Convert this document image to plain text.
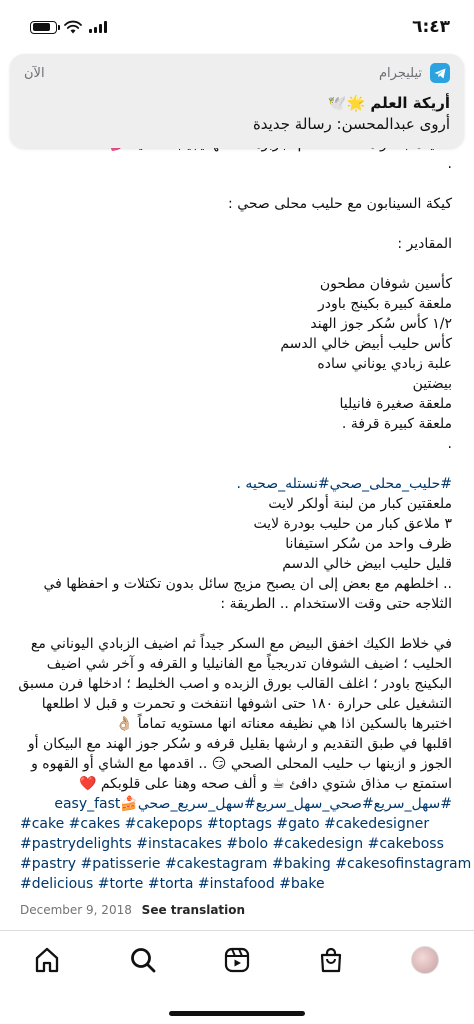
٦:٤٣
تيليجرام
الآن
أريكة العلم 🌟🕊️
أروى عبدالمحسن: رسالة جديدة
.
كيكة السينابون مع حليب محلى صحي :
المقادير :
كأسين شوفان مطحون
ملعقة كبيرة بكينج باودر
١/٢ كأس سُكر جوز الهند
كأس حليب أبيض خالي الدسم
علبة زبادي يوناني ساده
بيضتين
ملعقة صغيرة فانيليا
ملعقة كبيرة قرفة .
.
#حليب_محلى_صحي#نستله_صحيه .
ملعقتين كبار من لبنة أولكر لايت
٣ ملاعق كبار من حليب بودرة لايت
ظرف واحد من سُكر استيفانا
قليل حليب ابيض خالي الدسم
.. اخلطهم مع بعض إلى ان يصبح مزيج سائل بدون تكتلات و احفظها في
الثلاجه حتى وقت الاستخدام .. الطريقة :
في خلاط الكيك اخفق البيض مع السكر جيداً ثم اضيف الزبادي اليوناني مع
الحليب ؛ اضيف الشوفان تدريجياً مع الفانيليا و القرفه و آخر شي اضيف
البكينج باودر ؛ اغلف القالب بورق الزبده و اصب الخليط ؛ ادخلها فرن مسبق
التشغيل على حرارة ١٨٠ حتى اشوفها انتفخت و تحمرت و قبل لا اطلعها
اختبرها بالسكين اذا هي نظيفه معناته انها مستويه تماماً 👌🏼
اقلبها في طبق التقديم و ارشها بقليل قرفه و سُكر جوز الهند مع البيكان أو
الجوز و ازينها ب حليب المحلى الصحي 😏 .. اقدمها مع الشاي أو القهوه و
استمتع ب مذاق شتوي دافئ ☕ و ألف صحه وهنا على قلوبكم ❤️
#سهل_سريع#صحي_سهل_سريع#سهل_سريع_صحي🍰easy_fast
#cake #cakes #cakepops #toptags #gato #cakedesigner
#pastrydelights #instacakes #bolo #cakedesign #cakeboss
#pastry #patisserie #cakestagram #baking #cakesofinstagram
#delicious #torte #torta #instafood #bake
December 9, 2018 See translation
